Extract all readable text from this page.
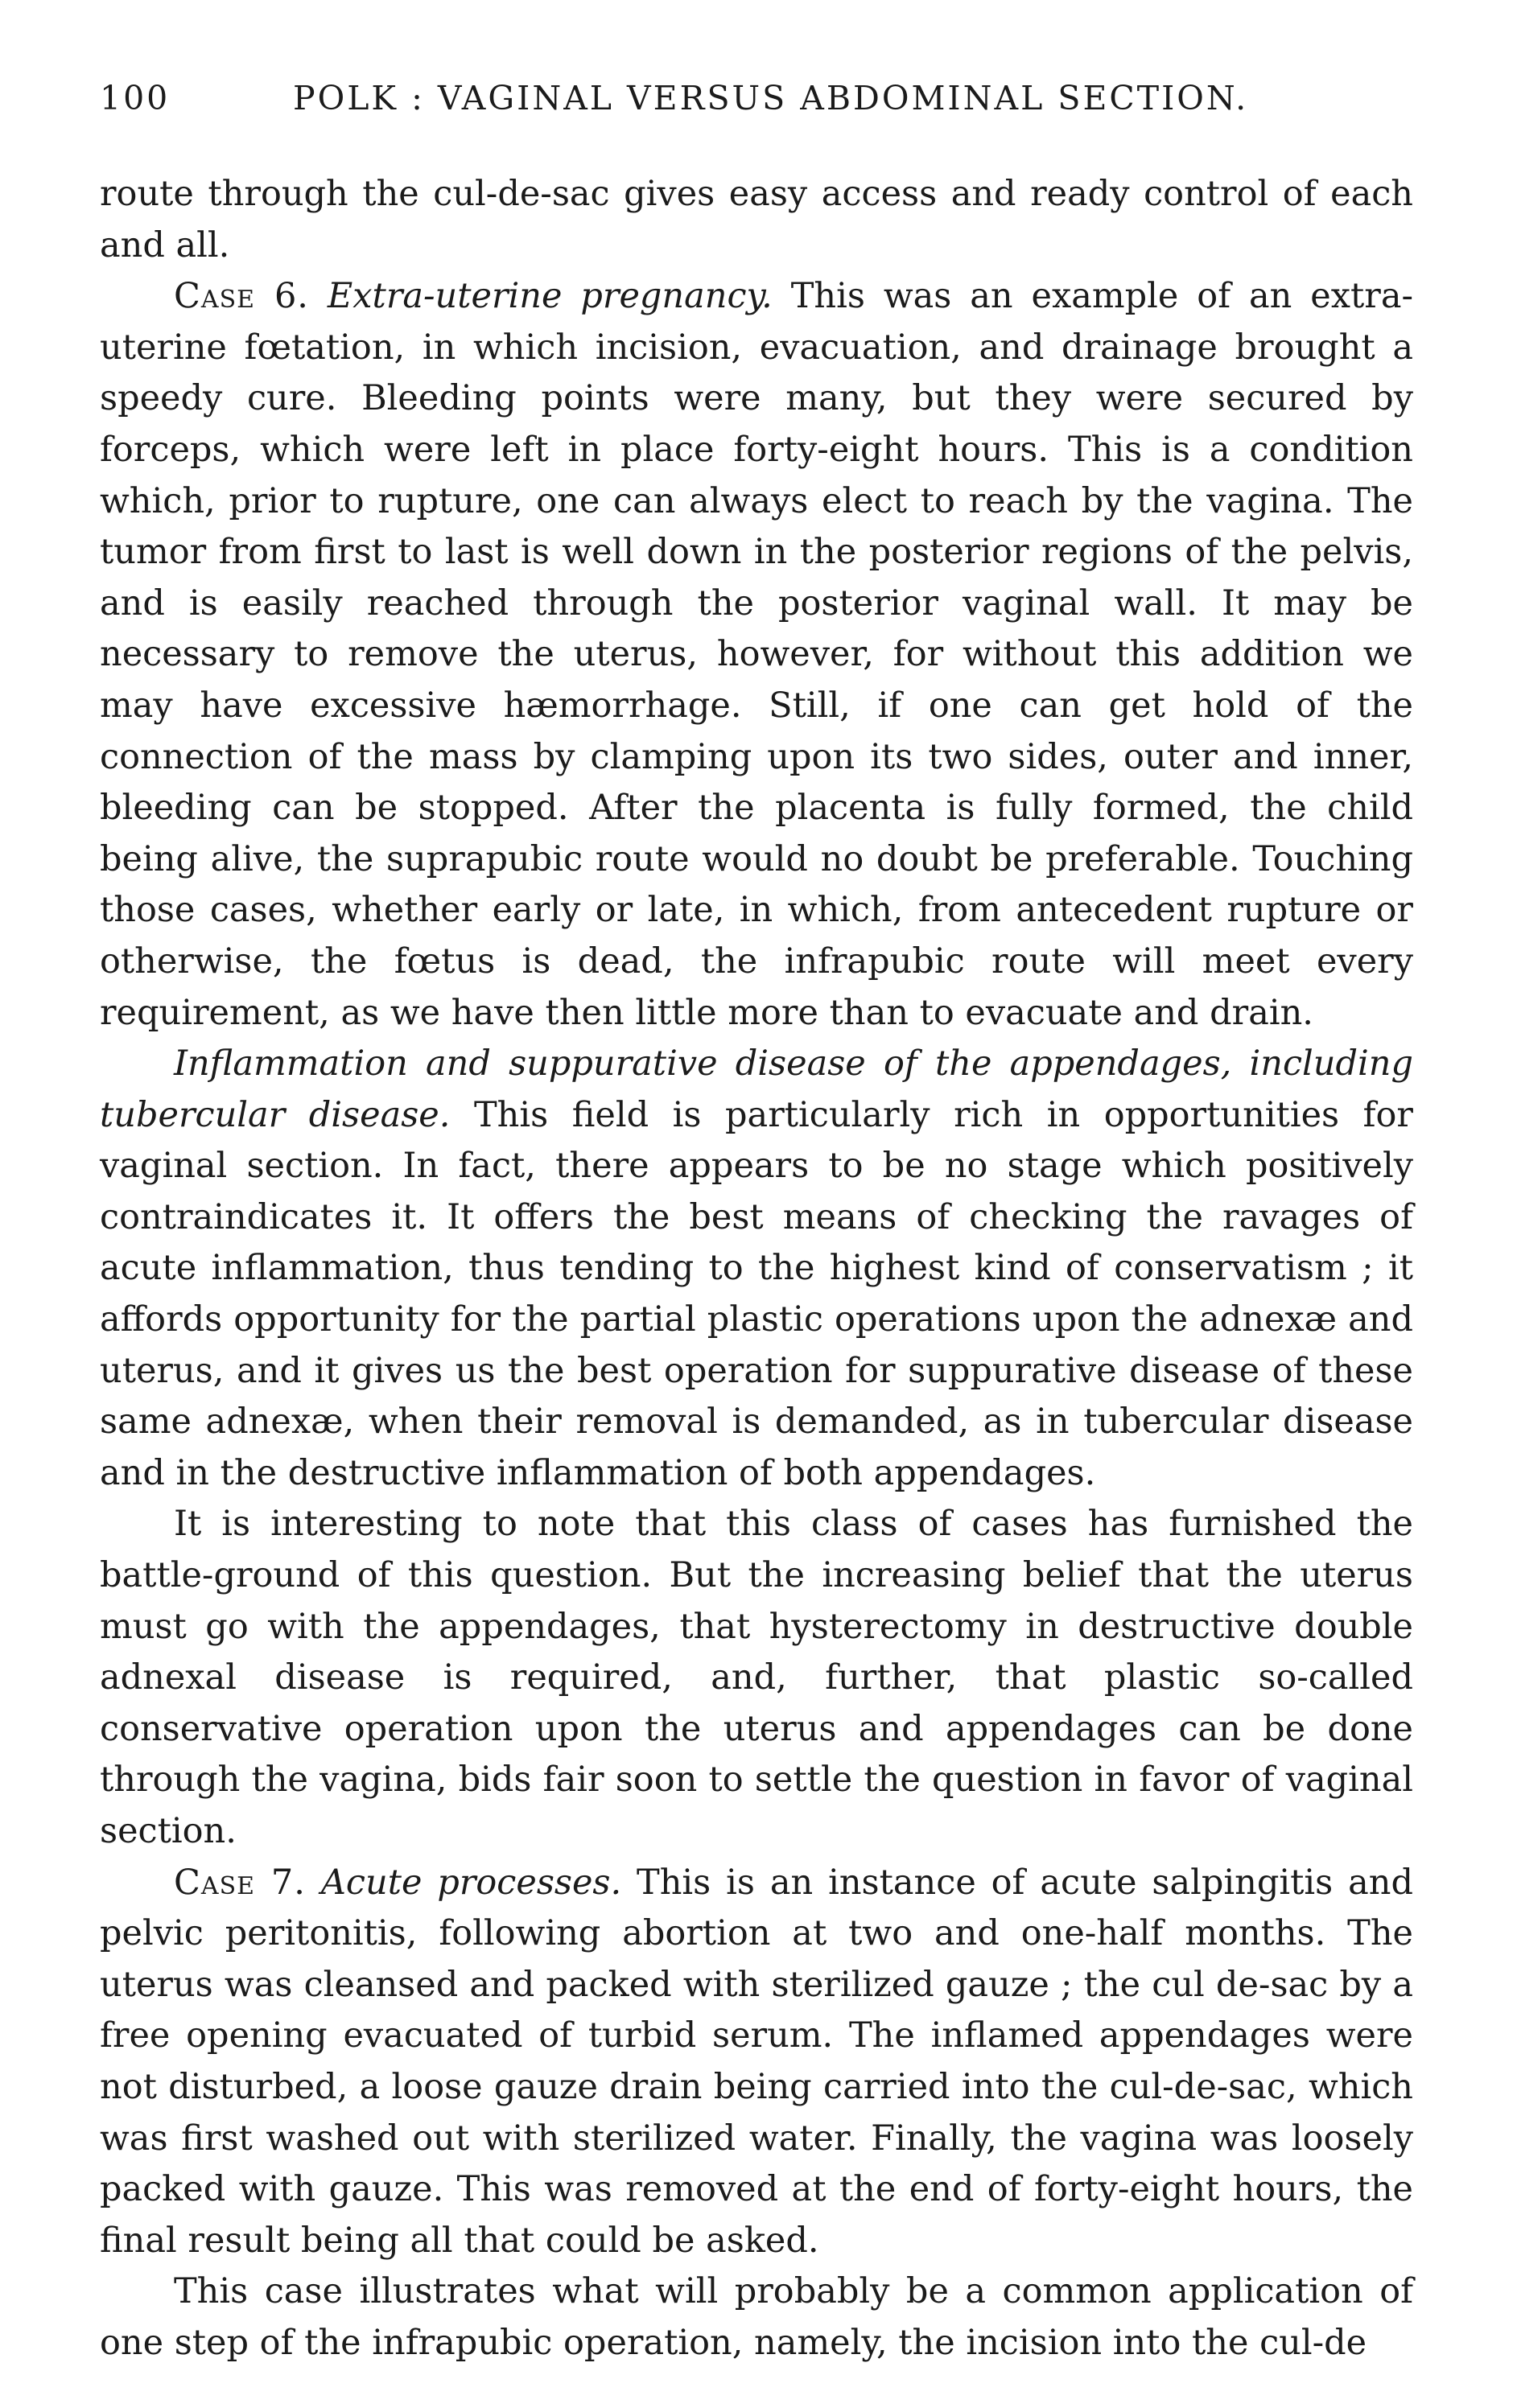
100	POLK : VAGINAL VERSUS ABDOMINAL SECTION.

route through the cul-de-sac gives easy access and ready control of each and all.

Case 6. Extra-uterine pregnancy. This was an example of an extra-uterine fœtation, in which incision, evacuation, and drainage brought a speedy cure. Bleeding points were many, but they were secured by forceps, which were left in place forty-eight hours. This is a condition which, prior to rupture, one can always elect to reach by the vagina. The tumor from first to last is well down in the posterior regions of the pelvis, and is easily reached through the posterior vaginal wall. It may be necessary to remove the uterus, however, for without this addition we may have excessive hæmorrhage. Still, if one can get hold of the connection of the mass by clamping upon its two sides, outer and inner, bleeding can be stopped. After the placenta is fully formed, the child being alive, the suprapubic route would no doubt be preferable. Touching those cases, whether early or late, in which, from antecedent rupture or otherwise, the fœtus is dead, the infrapubic route will meet every requirement, as we have then little more than to evacuate and drain.

Inflammation and suppurative disease of the appendages, including tubercular disease. This field is particularly rich in opportunities for vaginal section. In fact, there appears to be no stage which positively contraindicates it. It offers the best means of checking the ravages of acute inflammation, thus tending to the highest kind of conservatism ; it affords opportunity for the partial plastic operations upon the adnexæ and uterus, and it gives us the best operation for suppurative disease of these same adnexæ, when their removal is demanded, as in tubercular disease and in the destructive inflammation of both appendages.

It is interesting to note that this class of cases has furnished the battle-ground of this question. But the increasing belief that the uterus must go with the appendages, that hysterectomy in destructive double adnexal disease is required, and, further, that plastic so-called conservative operation upon the uterus and appendages can be done through the vagina, bids fair soon to settle the question in favor of vaginal section.

Case 7. Acute processes. This is an instance of acute salpingitis and pelvic peritonitis, following abortion at two and one-half months. The uterus was cleansed and packed with sterilized gauze ; the cul de-sac by a free opening evacuated of turbid serum. The inflamed appendages were not disturbed, a loose gauze drain being carried into the cul-de-sac, which was first washed out with sterilized water. Finally, the vagina was loosely packed with gauze. This was removed at the end of forty-eight hours, the final result being all that could be asked.

This case illustrates what will probably be a common application of one step of the infrapubic operation, namely, the incision into the cul-de
